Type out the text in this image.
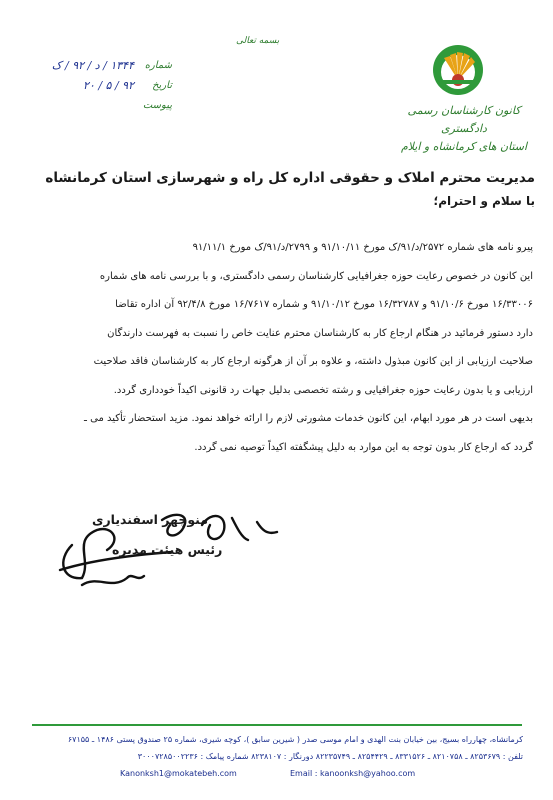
بسمه تعالی
کانون کارشناسان رسمی دادگستری
استان های کرمانشاه و ایلام
شماره
۱۳۴۴ / د / ۹۲ / ک
تاریخ
۹۲ / ۵ / ۲۰
پیوست
مدیریت محترم املاک و حقوقی اداره کل راه و شهرسازی استان کرمانشاه
با سلام و احترام؛

پیرو نامه های شماره ۲۵۷۲/د/۹۱/ک مورخ ۹۱/۱۰/۱۱ و ۲۷۹۹/د/۹۱/ک مورخ ۹۱/۱۱/۱

این کانون در خصوص رعایت حوزه جغرافیایی کارشناسان رسمی دادگستری، و با بررسی نامه های شماره

۱۶/۳۳۰۰۶ مورخ ۹۱/۱۰/۶ و ۱۶/۳۲۷۸۷ مورخ ۹۱/۱۰/۱۲ و شماره ۱۶/۷۶۱۷ مورخ ۹۲/۴/۸ آن اداره تقاضا

دارد دستور فرمائید در هنگام ارجاع کار به کارشناسان محترم عنایت خاص را نسبت به فهرست دارندگان

صلاحیت ارزیابی از این کانون مبذول داشته، و علاوه بر آن از هرگونه ارجاع کار به کارشناسان فاقد صلاحیت

ارزیابی و یا بدون رعایت حوزه جغرافیایی و رشته تخصصی بدلیل جهات رد قانونی اکیداً خودداری گردد.

بدیهی است در هر مورد ابهام، این کانون خدمات مشورتی لازم را ارائه خواهد نمود. مزید استحضار تأکید می ـ

گردد که ارجاع کار بدون توجه به این موارد به دلیل پیشگفته اکیداً توصیه نمی گردد.

منوچهر اسفندیاری
رئیس هیئت مدیره
کرمانشاه، چهارراه بسیج، بین خیابان بنت الهدی و امام موسی صدر ( شیرین سابق )، کوچه شیری، شماره ۲۵ صندوق پستی ۱۴۸۶ ـ ۶۷۱۵۵
تلفن : ۸۲۵۳۶۷۹ ـ ۸۲۱۰۷۵۸ ـ ۸۳۳۱۵۲۶ ـ ۸۲۵۴۴۲۹ ـ ۸۲۲۳۵۷۴۹ دورنگار : ۸۲۳۸۱۰۷ شماره پیامک : ۳۰۰۰۷۲۸۵۰۰۲۲۳۶
Kanonksh1@mokatebeh.com	Email : kanoonksh@yahoo.com
